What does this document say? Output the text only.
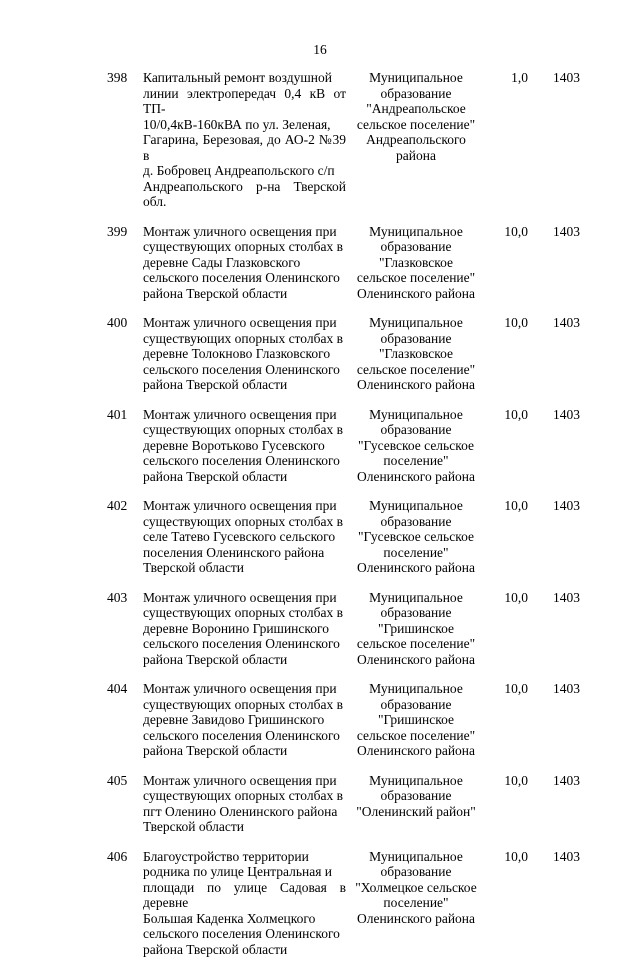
16
398	Капитальный ремонт воздушной
линии электропередач 0,4 кВ от ТП-
10/0,4кВ-160кВА по ул. Зеленая,
Гагарина, Березовая, до АО-2 №39 в
д. Бобровец Андреапольского с/п
Андреапольского р-на Тверской обл.
Муниципальное
образование
"Андреапольское
сельское поселение"
Андреапольского
района
1,0	1403
399	Монтаж уличного освещения при
существующих опорных столбах в
деревне Сады Глазковского
сельского поселения Оленинского
района Тверской области
Муниципальное
образование
"Глазковское
сельское поселение"
Оленинского района
10,0	1403
400	Монтаж уличного освещения при
существующих опорных столбах в
деревне Толокново Глазковского
сельского поселения Оленинского
района Тверской области
Муниципальное
образование
"Глазковское
сельское поселение"
Оленинского района
10,0	1403
401	Монтаж уличного освещения при
существующих опорных столбах в
деревне Воротьково Гусевского
сельского поселения Оленинского
района Тверской области
Муниципальное
образование
"Гусевское сельское
поселение"
Оленинского района
10,0	1403
402	Монтаж уличного освещения при
существующих опорных столбах в
селе Татево Гусевского сельского
поселения Оленинского района
Тверской области
Муниципальное
образование
"Гусевское сельское
поселение"
Оленинского района
10,0	1403
403	Монтаж уличного освещения при
существующих опорных столбах в
деревне Воронино Гришинского
сельского поселения Оленинского
района Тверской области
Муниципальное
образование
"Гришинское
сельское поселение"
Оленинского района
10,0	1403
404	Монтаж уличного освещения при
существующих опорных столбах в
деревне Завидово Гришинского
сельского поселения Оленинского
района Тверской области
Муниципальное
образование
"Гришинское
сельское поселение"
Оленинского района
10,0	1403
405	Монтаж уличного освещения при
существующих опорных столбах в
пгт Оленино Оленинского района
Тверской области
Муниципальное
образование
"Оленинский район"
10,0	1403
406	Благоустройство территории
родника по улице Центральная и
площади по улице Садовая в деревне
Большая Каденка Холмецкого
сельского поселения Оленинского
района Тверской области
Муниципальное
образование
"Холмецкое сельское
поселение"
Оленинского района
10,0	1403
